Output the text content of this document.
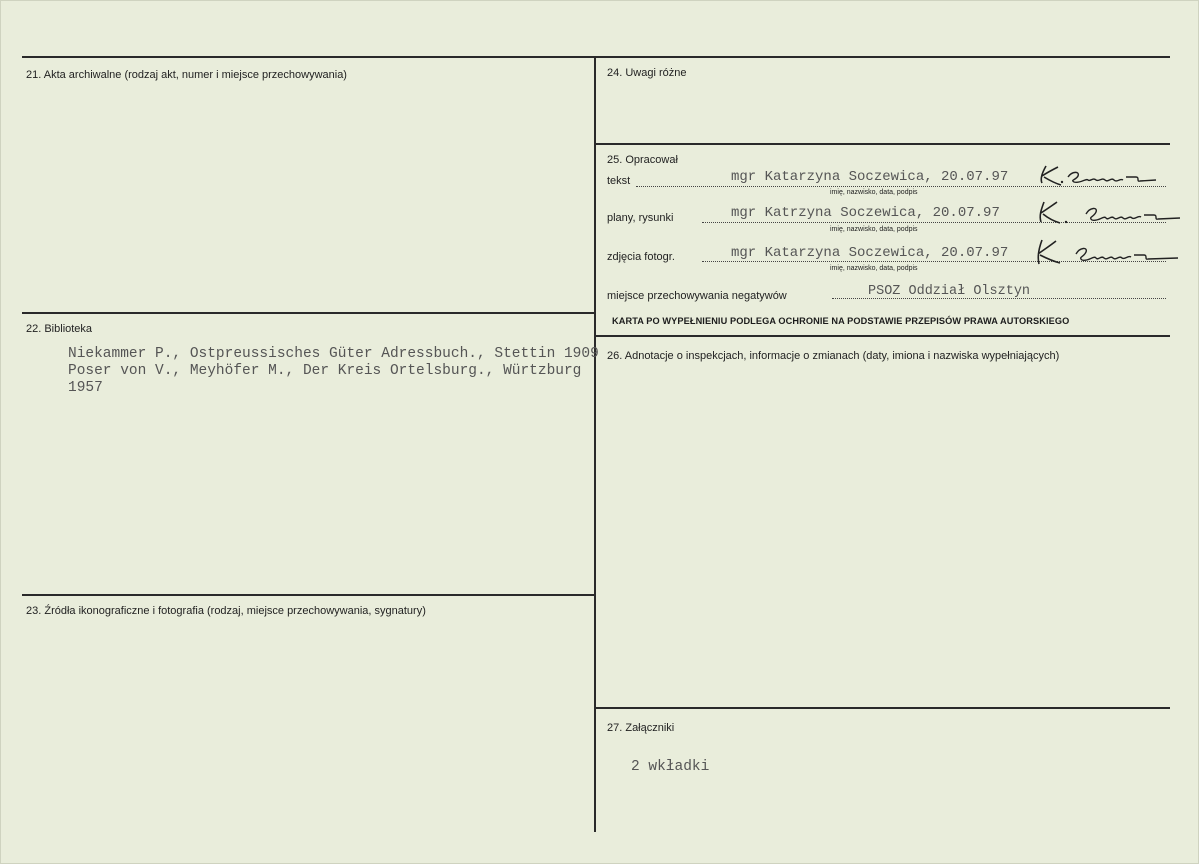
21. Akta archiwalne (rodzaj akt, numer i miejsce przechowywania)
22. Biblioteka
Niekammer P., Ostpreussisches Güter Adressbuch., Stettin 1909
Poser von V., Meyhöfer M., Der Kreis Ortelsburg., Würtzburg
1957
23. Źródła ikonograficzne i fotografia (rodzaj, miejsce przechowywania, sygnatury)
24. Uwagi różne
25. Opracował
tekst	mgr Katarzyna Soczewica, 20.07.97
imię, nazwisko, data, podpis
plany, rysunki	mgr Katrzyna Soczewica, 20.07.97
imię, nazwisko, data, podpis
zdjęcia fotogr.	mgr Katarzyna Soczewica, 20.07.97
imię, nazwisko, data, podpis
miejsce przechowywania negatywów	PSOZ Oddział Olsztyn
KARTA PO WYPEŁNIENIU PODLEGA OCHRONIE NA PODSTAWIE PRZEPISÓW PRAWA AUTORSKIEGO
26. Adnotacje o inspekcjach, informacje o zmianach (daty, imiona i nazwiska wypełniających)
27. Załączniki
2 wkładki
